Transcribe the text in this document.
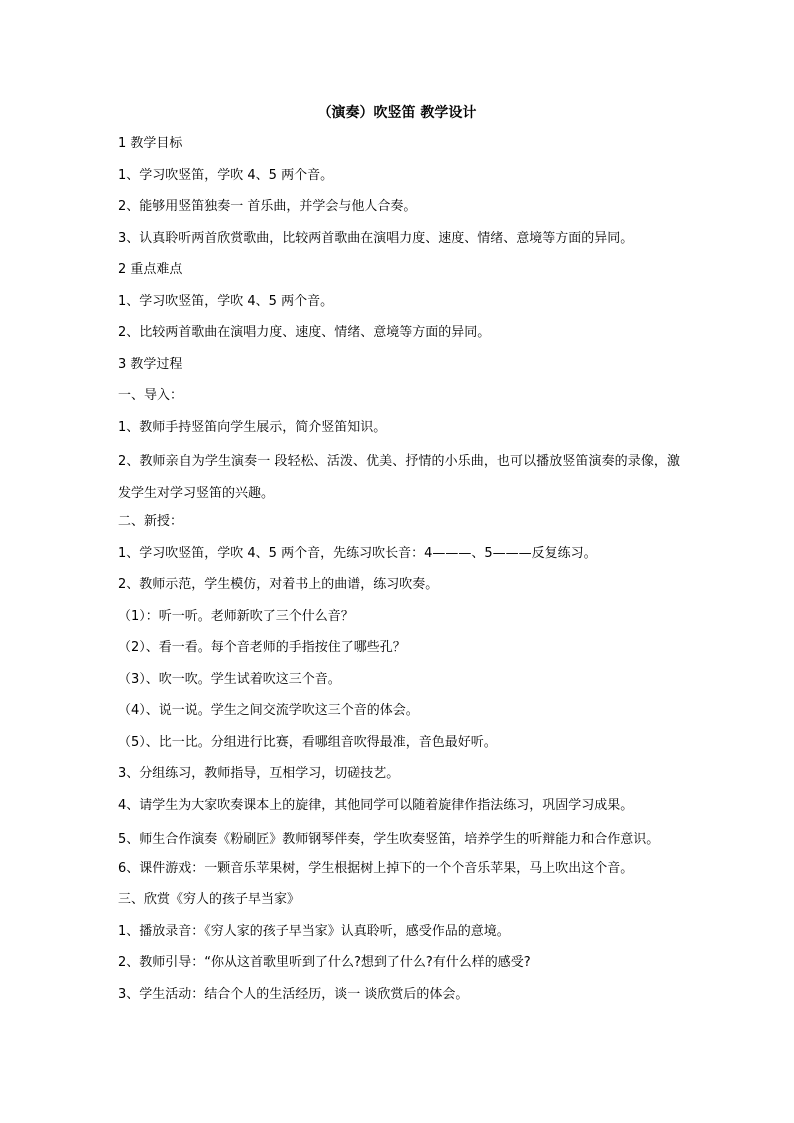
（演奏）吹竖笛 教学设计
1 教学目标
1、学习吹竖笛，学吹 4、5 两个音。
2、能够用竖笛独奏一 首乐曲，并学会与他人合奏。
3、认真聆听两首欣赏歌曲，比较两首歌曲在演唱力度、速度、情绪、意境等方面的异同。
2 重点难点
1、学习吹竖笛，学吹 4、5 两个音。
2、比较两首歌曲在演唱力度、速度、情绪、意境等方面的异同。
3 教学过程
一、导入：
1、教师手持竖笛向学生展示，简介竖笛知识。
2、教师亲自为学生演奏一 段轻松、活泼、优美、抒情的小乐曲，也可以播放竖笛演奏的录像，激发学生对学习竖笛的兴趣。
二、新授：
1、学习吹竖笛，学吹 4、5 两个音，先练习吹长音：4———、5———反复练习。
2、教师示范，学生模仿，对着书上的曲谱，练习吹奏。
（1）：听一听。老师新吹了三个什么音？
（2）、看一看。每个音老师的手指按住了哪些孔？
（3）、吹一吹。学生试着吹这三个音。
（4）、说一说。学生之间交流学吹这三个音的体会。
（5）、比一比。分组进行比赛，看哪组音吹得最准，音色最好听。
3、分组练习，教师指导，互相学习，切磋技艺。
4、请学生为大家吹奏课本上的旋律，其他同学可以随着旋律作指法练习，巩固学习成果。
5、师生合作演奏《粉刷匠》教师钢琴伴奏，学生吹奏竖笛，培养学生的听辩能力和合作意识。
6、课件游戏：一颗音乐苹果树，学生根据树上掉下的一个个音乐苹果，马上吹出这个音。
三、欣赏《穷人的孩子早当家》
1、播放录音：《穷人家的孩子早当家》认真聆听，感受作品的意境。
2、教师引导：“你从这首歌里听到了什么?想到了什么?有什么样的感受?
3、学生活动：结合个人的生活经历，谈一 谈欣赏后的体会。
